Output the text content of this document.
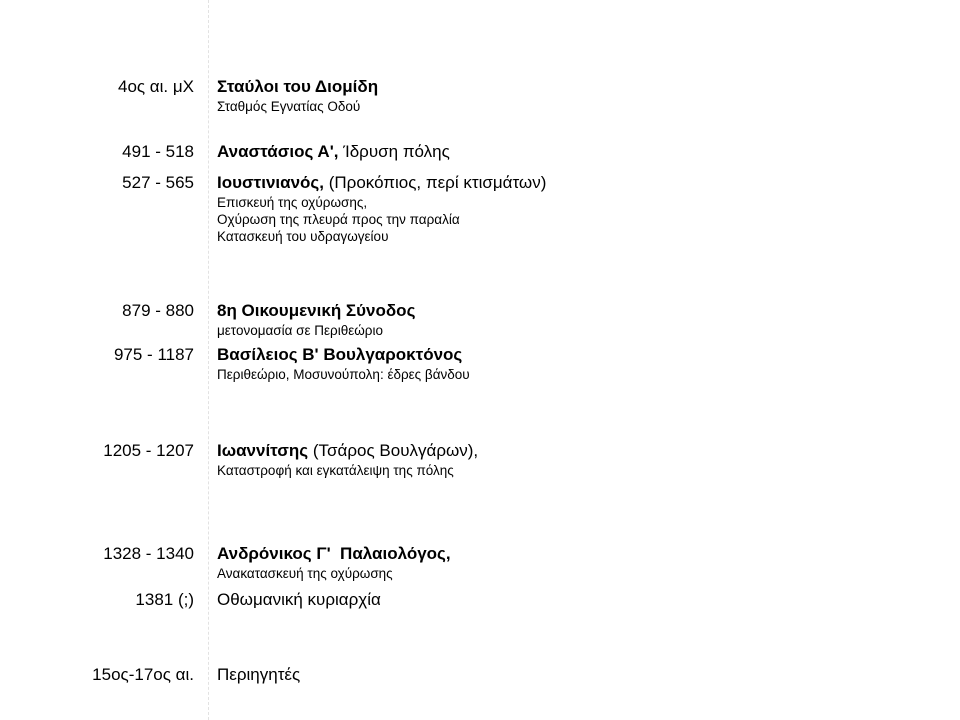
4ος αι. μΧ Σταύλοι του Διομίδη
Σταθμός Εγνατίας Οδού
491 - 518 Αναστάσιος Α', Ίδρυση πόλης
527 - 565 Ιουστινιανός, (Προκόπιος, περί κτισμάτων)
Επισκευή της οχύρωσης,
Οχύρωση της πλευρά προς την παραλία
Κατασκευή του υδραγωγείου
879 - 880 8η Οικουμενική Σύνοδος
μετονομασία σε Περιθεώριο
975 - 1187 Βασίλειος Β' Βουλγαροκτόνος
Περιθεώριο, Μοσυνούπολη: έδρες βάνδου
1205 - 1207 Ιωαννίτσης (Τσάρος Βουλγάρων),
Καταστροφή και εγκατάλειψη της πόλης
1328 - 1340 Ανδρόνικος Γ'  Παλαιολόγος,
Ανακατασκευή της οχύρωσης
1381 (;) Οθωμανική κυριαρχία
15ος-17ος αι. Περιηγητές
